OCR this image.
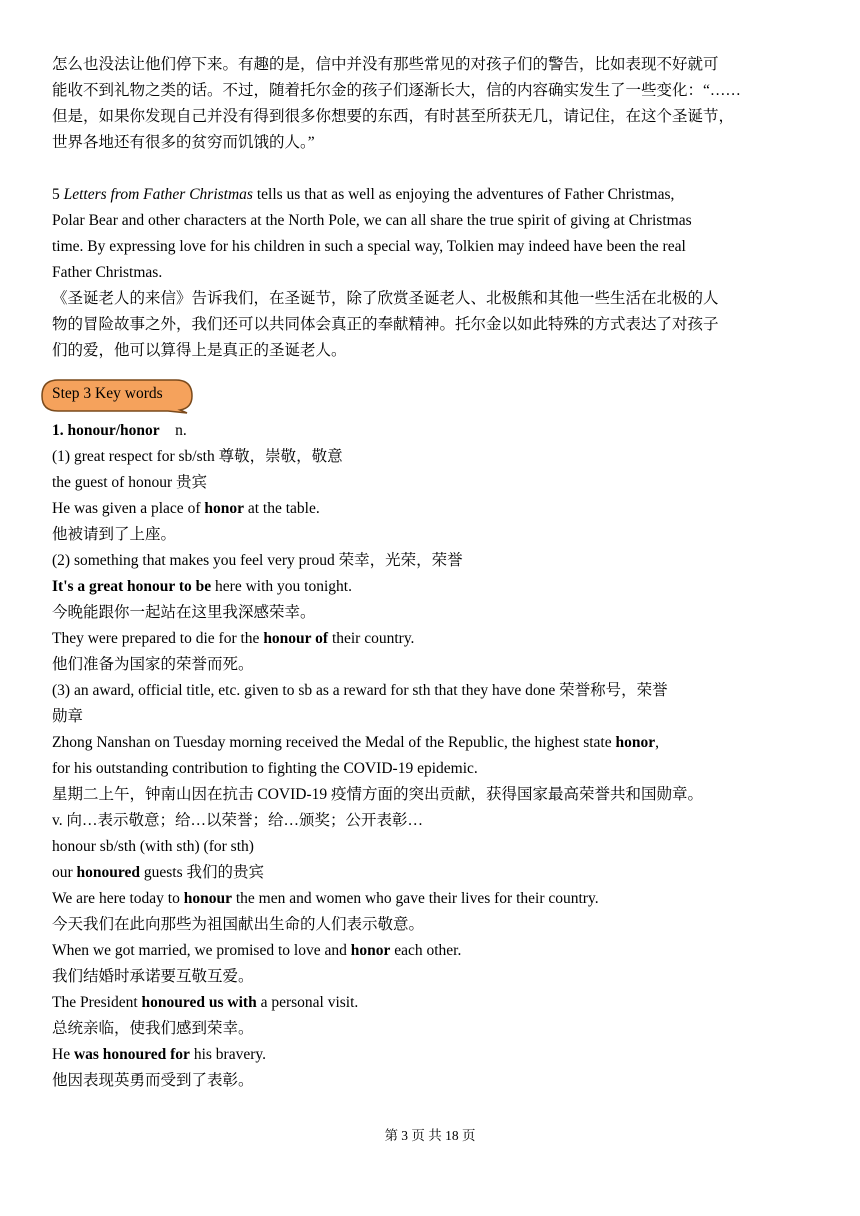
怎么也没法让他们停下来。有趣的是，信中并没有那些常见的对孩子们的警告，比如表现不好就可

能收不到礼物之类的话。不过，随着托尔金的孩子们逐渐长大，信的内容确实发生了一些变化：“……

但是，如果你发现自己并没有得到很多你想要的东西，有时甚至所获无几，请记住，在这个圣诞节，

世界各地还有很多的贫穷而饥饿的人。”

5 Letters from Father Christmas tells us that as well as enjoying the adventures of Father Christmas,

Polar Bear and other characters at the North Pole, we can all share the true spirit of giving at Christmas

time. By expressing love for his children in such a special way, Tolkien may indeed have been the real

Father Christmas.

《圣诞老人的来信》告诉我们，在圣诞节，除了欣赏圣诞老人、北极熊和其他一些生活在北极的人

物的冒险故事之外，我们还可以共同体会真正的奉献精神。托尔金以如此特殊的方式表达了对孩子

们的爱，他可以算得上是真正的圣诞老人。

Step 3 Key words

1. honour/honor n.

(1) great respect for sb/sth 尊敬，崇敬，敬意

the guest of honour 贵宾

He was given a place of honor at the table.

他被请到了上座。

(2) something that makes you feel very proud 荣幸，光荣，荣誉

It's a great honour to be here with you tonight.

今晚能跟你一起站在这里我深感荣幸。

They were prepared to die for the honour of their country.

他们准备为国家的荣誉而死。

(3) an award, official title, etc. given to sb as a reward for sth that they have done 荣誉称号，荣誉

勋章

Zhong Nanshan on Tuesday morning received the Medal of the Republic, the highest state honor,

for his outstanding contribution to fighting the COVID-19 epidemic.

星期二上午，钟南山因在抗击 COVID-19 疫情方面的突出贡献，获得国家最高荣誉共和国勋章。

v. 向…表示敬意；给…以荣誉；给…颁奖；公开表彰…

honour sb/sth (with sth) (for sth)

our honoured guests 我们的贵宾

We are here today to honour the men and women who gave their lives for their country.

今天我们在此向那些为祖国献出生命的人们表示敬意。

When we got married, we promised to love and honor each other.

我们结婚时承诺要互敬互爱。

The President honoured us with a personal visit.

总统亲临，使我们感到荣幸。

He was honoured for his bravery.

他因表现英勇而受到了表彰。

第 3 页 共 18 页
